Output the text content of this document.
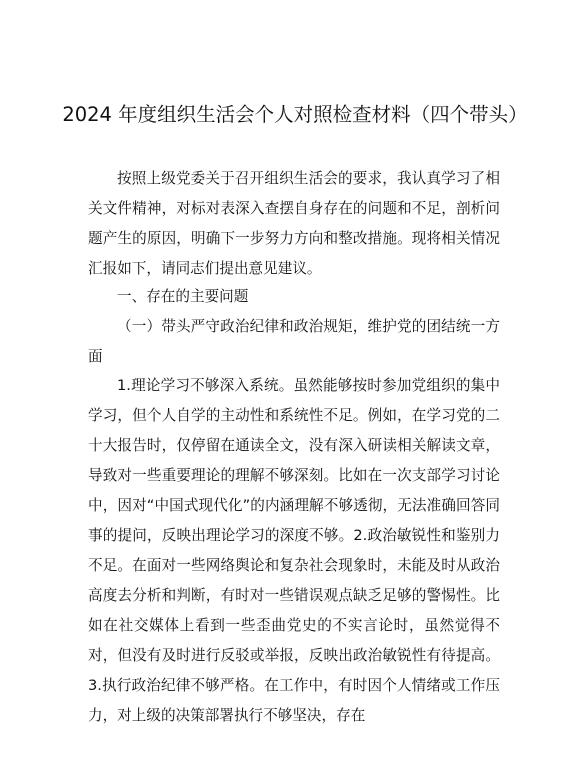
2024 年度组织生活会个人对照检查材料（四个带头）

按照上级党委关于召开组织生活会的要求，我认真学习了相关文件精神，对标对表深入查摆自身存在的问题和不足，剖析问题产生的原因，明确下一步努力方向和整改措施。现将相关情况汇报如下，请同志们提出意见建议。

一、存在的主要问题

（一）带头严守政治纪律和政治规矩，维护党的团结统一方面

1.理论学习不够深入系统。虽然能够按时参加党组织的集中学习，但个人自学的主动性和系统性不足。例如，在学习党的二十大报告时，仅停留在通读全文，没有深入研读相关解读文章，导致对一些重要理论的理解不够深刻。比如在一次支部学习讨论中，因对“中国式现代化”的内涵理解不够透彻，无法准确回答同事的提问，反映出理论学习的深度不够。2.政治敏锐性和鉴别力不足。在面对一些网络舆论和复杂社会现象时，未能及时从政治高度去分析和判断，有时对一些错误观点缺乏足够的警惕性。比如在社交媒体上看到一些歪曲党史的不实言论时，虽然觉得不对，但没有及时进行反驳或举报，反映出政治敏锐性有待提高。3.执行政治纪律不够严格。在工作中，有时因个人情绪或工作压力，对上级的决策部署执行不够坚决，存在
